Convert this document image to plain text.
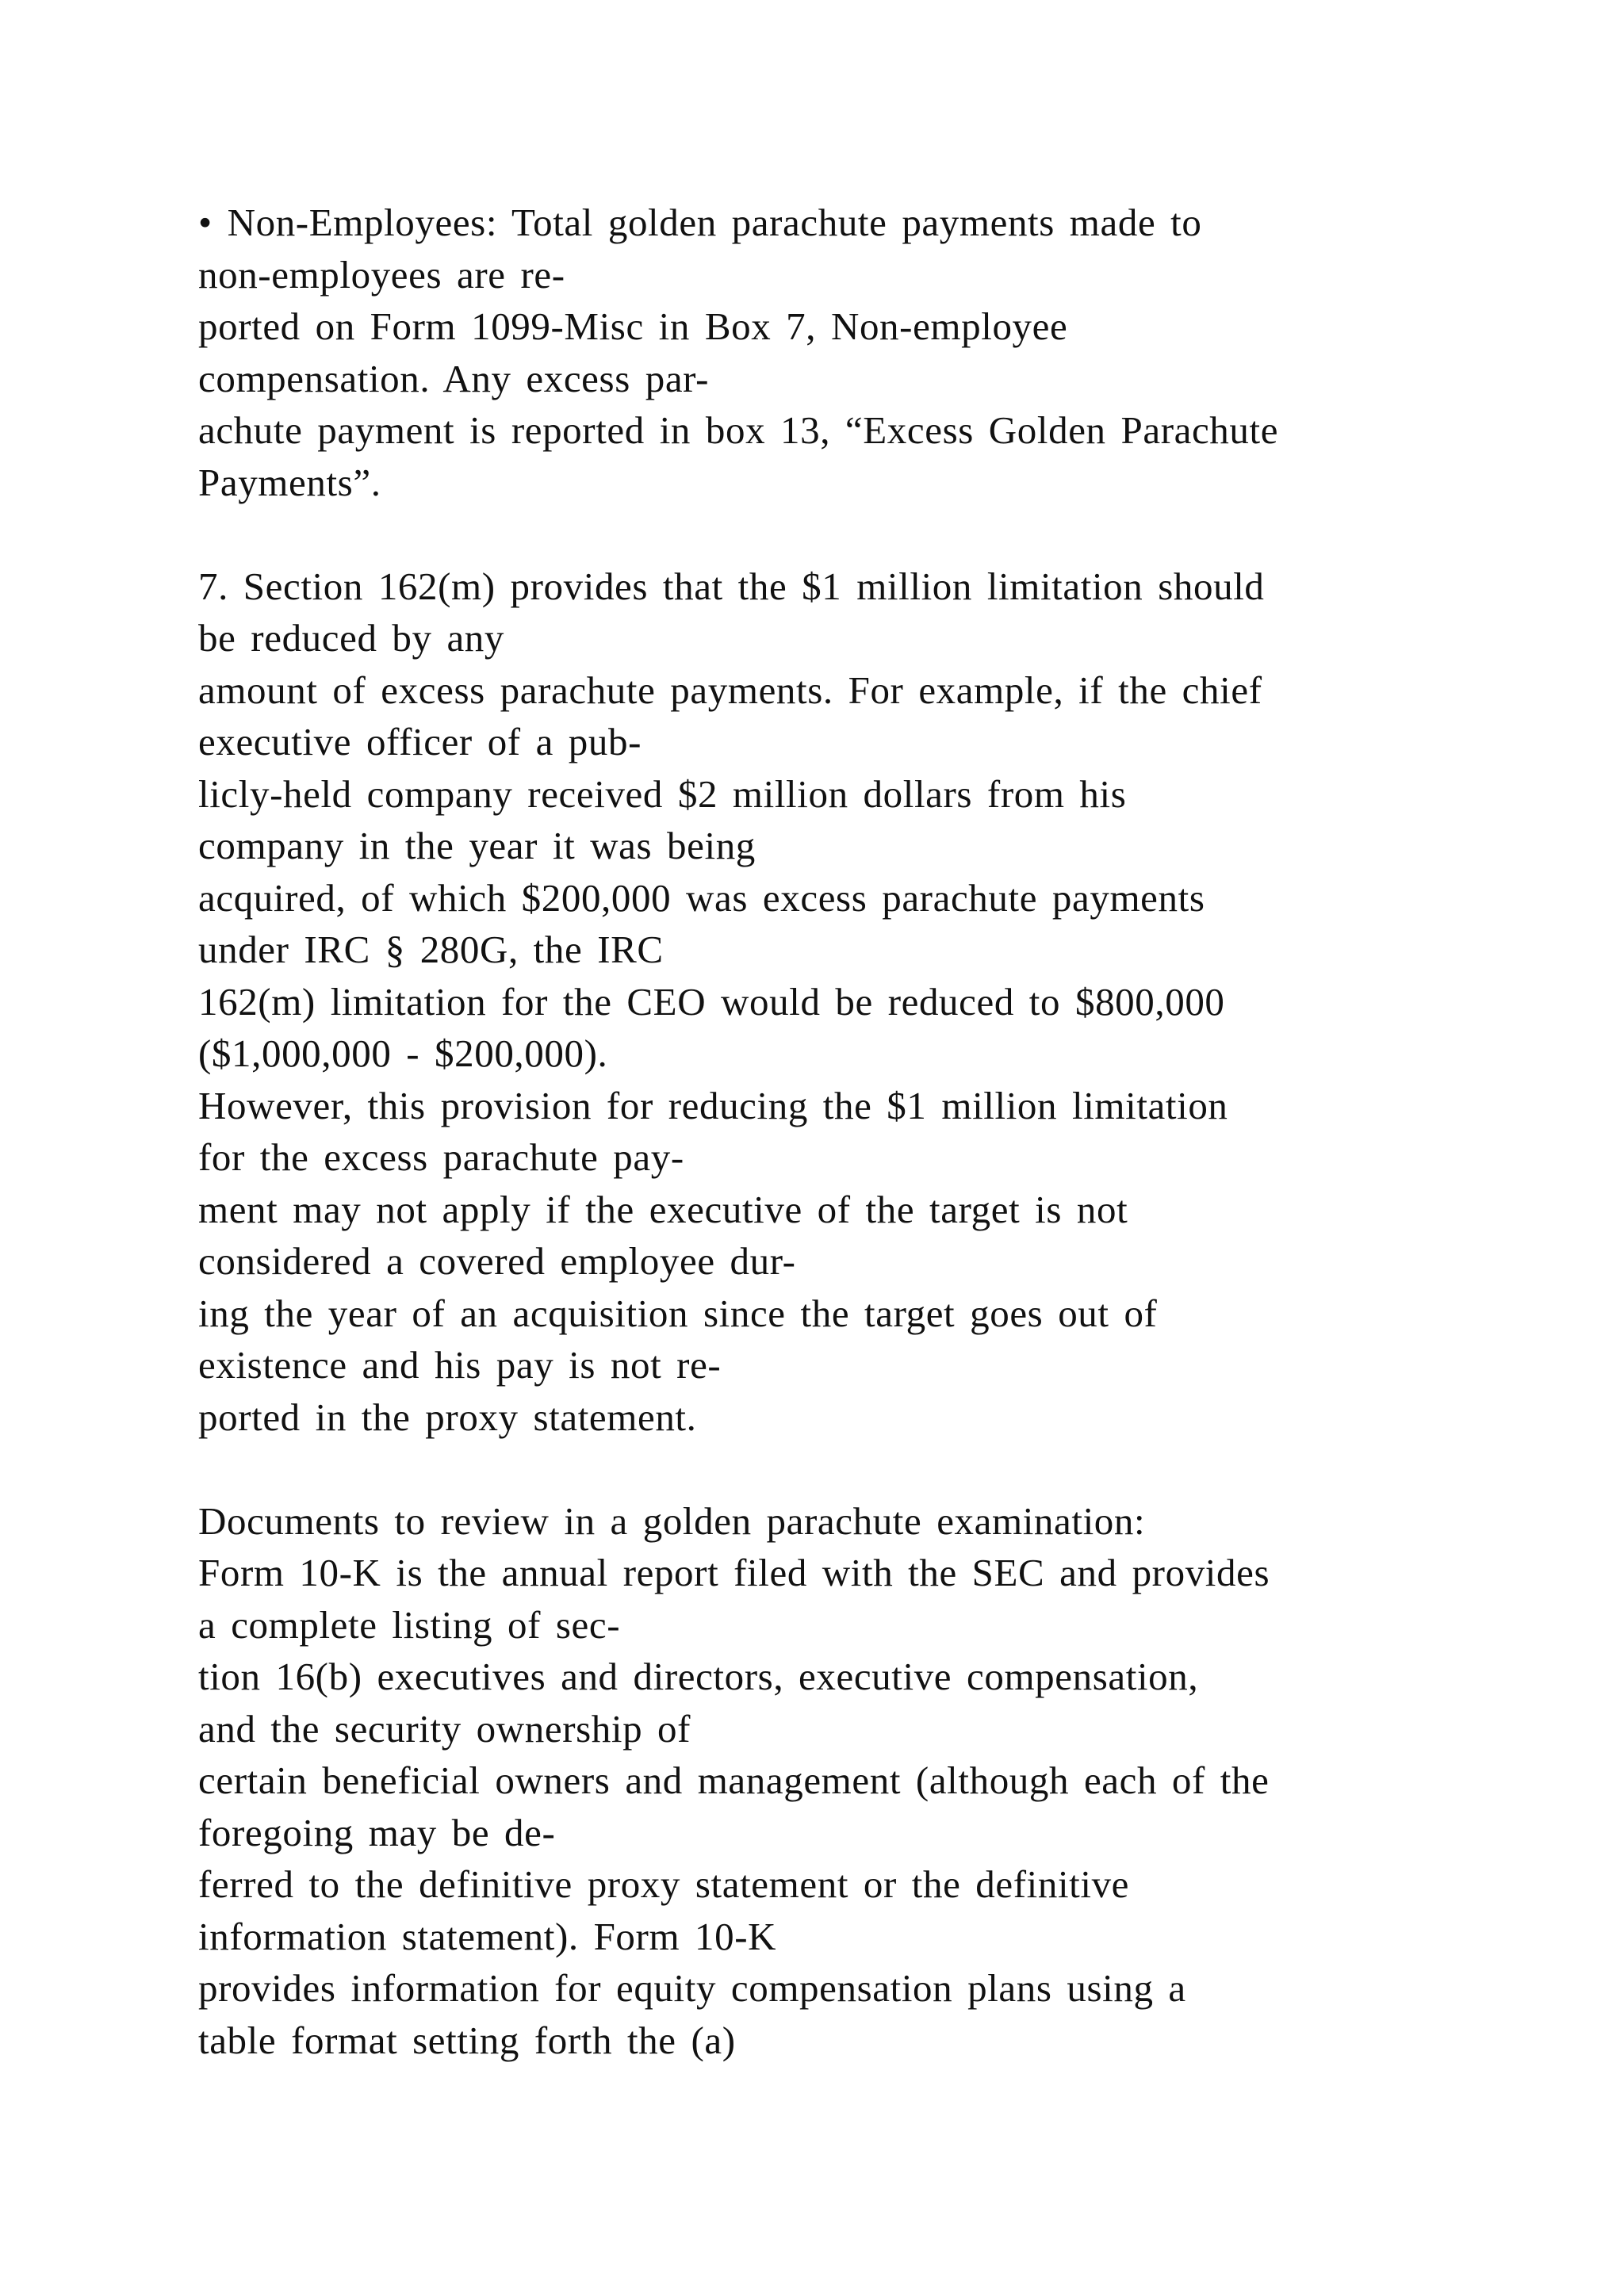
• Non-Employees: Total golden parachute payments made to
non-employees are re-
ported on Form 1099-Misc in Box 7, Non-employee
compensation. Any excess par-
achute payment is reported in box 13, “Excess Golden Parachute
Payments”.
7. Section 162(m) provides that the $1 million limitation should
be reduced by any
amount of excess parachute payments. For example, if the chief
executive officer of a pub-
licly-held company received $2 million dollars from his
company in the year it was being
acquired, of which $200,000 was excess parachute payments
under IRC § 280G, the IRC
162(m) limitation for the CEO would be reduced to $800,000
($1,000,000 - $200,000).
However, this provision for reducing the $1 million limitation
for the excess parachute pay-
ment may not apply if the executive of the target is not
considered a covered employee dur-
ing the year of an acquisition since the target goes out of
existence and his pay is not re-
ported in the proxy statement.
Documents to review in a golden parachute examination:
Form 10-K is the annual report filed with the SEC and provides
a complete listing of sec-
tion 16(b) executives and directors, executive compensation,
and the security ownership of
certain beneficial owners and management (although each of the
foregoing may be de-
ferred to the definitive proxy statement or the definitive
information statement). Form 10-K
provides information for equity compensation plans using a
table format setting forth the (a)
